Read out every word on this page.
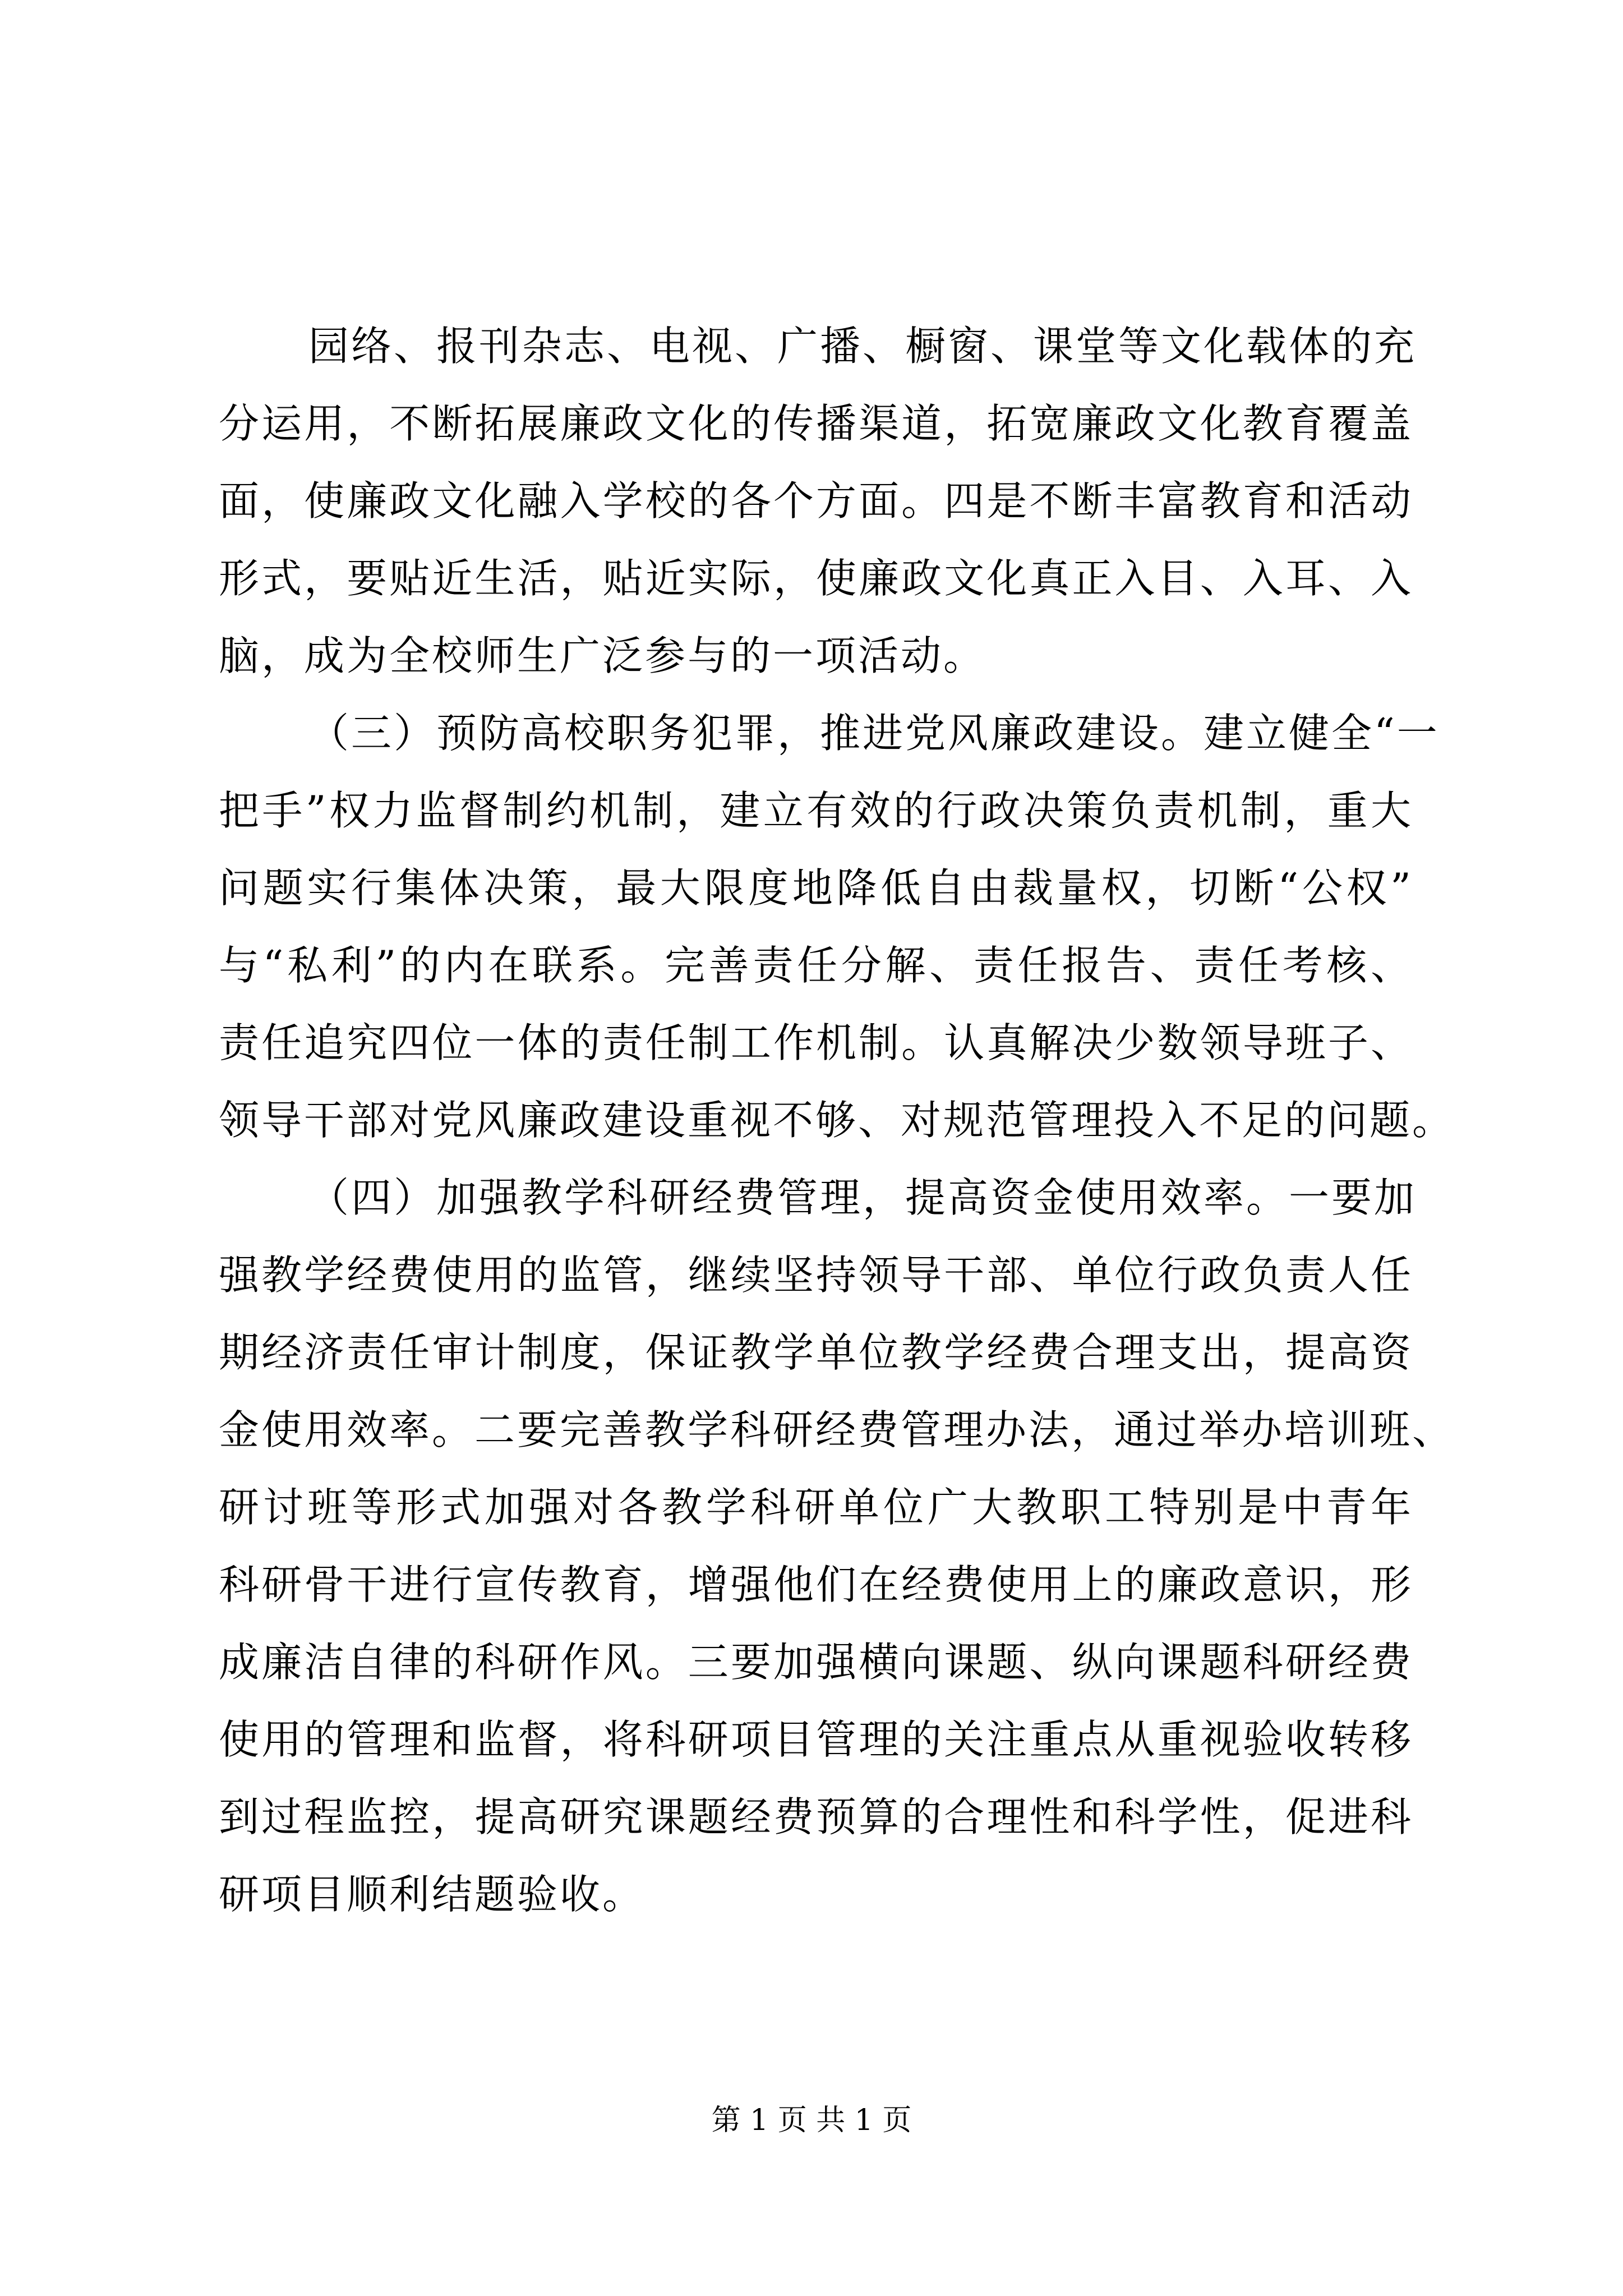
园络、报刊杂志、电视、广播、橱窗、课堂等文化载体的充
分运用，不断拓展廉政文化的传播渠道，拓宽廉政文化教育覆盖
面，使廉政文化融入学校的各个方面。四是不断丰富教育和活动
形式，要贴近生活，贴近实际，使廉政文化真正入目、入耳、入
脑，成为全校师生广泛参与的一项活动。
（三）预防高校职务犯罪，推进党风廉政建设。建立健全“一
把手”权力监督制约机制，建立有效的行政决策负责机制，重大
问题实行集体决策，最大限度地降低自由裁量权，切断“公权”
与“私利”的内在联系。完善责任分解、责任报告、责任考核、
责任追究四位一体的责任制工作机制。认真解决少数领导班子、
领导干部对党风廉政建设重视不够、对规范管理投入不足的问题。
（四）加强教学科研经费管理，提高资金使用效率。一要加
强教学经费使用的监管，继续坚持领导干部、单位行政负责人任
期经济责任审计制度，保证教学单位教学经费合理支出，提高资
金使用效率。二要完善教学科研经费管理办法，通过举办培训班、
研讨班等形式加强对各教学科研单位广大教职工特别是中青年
科研骨干进行宣传教育，增强他们在经费使用上的廉政意识，形
成廉洁自律的科研作风。三要加强横向课题、纵向课题科研经费
使用的管理和监督，将科研项目管理的关注重点从重视验收转移
到过程监控，提高研究课题经费预算的合理性和科学性，促进科
研项目顺利结题验收。
第 1 页 共 1 页
